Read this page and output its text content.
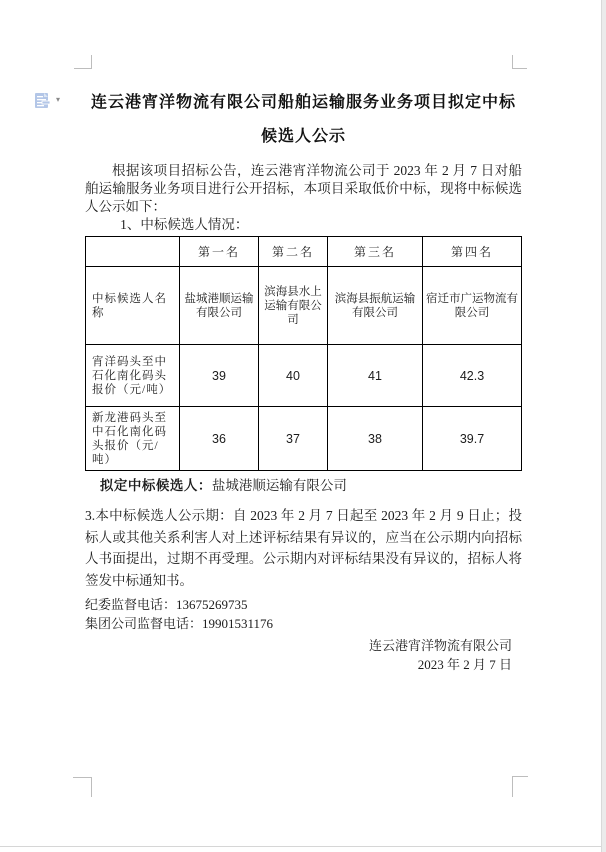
▾	连云港宵洋物流有限公司船舶运输服务业务项目拟定中标
候选人公示

根据该项目招标公告，连云港宵洋物流公司于 2023 年 2 月 7 日对船舶运输服务业务项目进行公开招标，本项目采取低价中标，现将中标候选人公示如下：

1、中标候选人情况：

	第一名	第二名	第三名	第四名
中标候选人名称	盐城港顺运输有限公司	滨海县水上运输有限公司	滨海县振航运输有限公司	宿迁市广运物流有限公司
宵洋码头至中石化南化码头报价（元/吨）	39	40	41	42.3
新龙港码头至中石化南化码头报价（元/吨）	36	37	38	39.7

拟定中标候选人：盐城港顺运输有限公司

3.本中标候选人公示期：自 2023 年 2 月 7 日起至 2023 年 2 月 9 日止；投标人或其他关系利害人对上述评标结果有异议的，应当在公示期内向招标人书面提出，过期不再受理。公示期内对评标结果没有异议的，招标人将签发中标通知书。

纪委监督电话：13675269735

集团公司监督电话：19901531176

连云港宵洋物流有限公司

2023 年 2 月 7 日
